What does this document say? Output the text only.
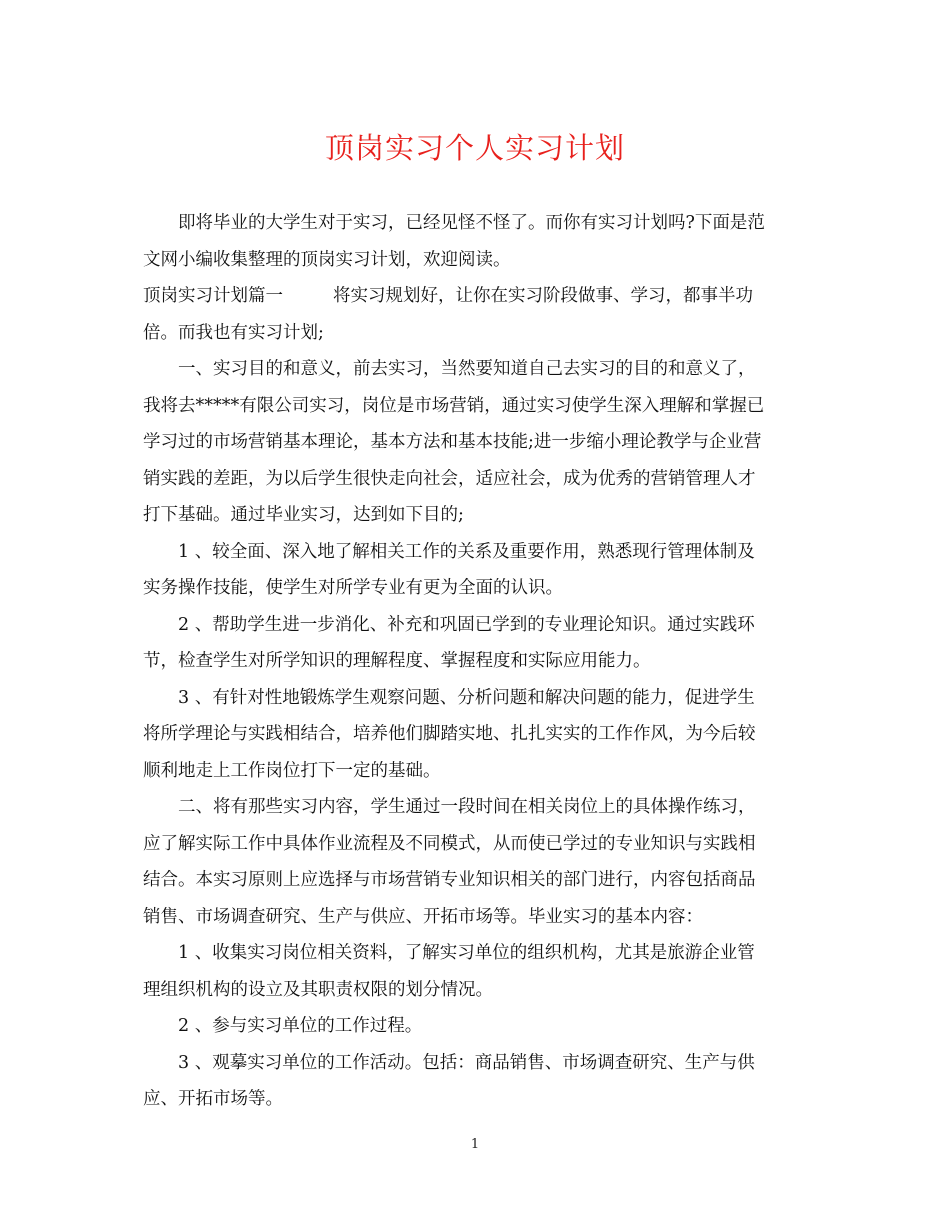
顶岗实习个人实习计划
即将毕业的大学生对于实习，已经见怪不怪了。而你有实习计划吗?下面是范
文网小编收集整理的顶岗实习计划，欢迎阅读。
顶岗实习计划篇一	将实习规划好，让你在实习阶段做事、学习，都事半功
倍。而我也有实习计划;
一、实习目的和意义，前去实习，当然要知道自己去实习的目的和意义了，
我将去*****有限公司实习，岗位是市场营销，通过实习使学生深入理解和掌握已
学习过的市场营销基本理论，基本方法和基本技能;进一步缩小理论教学与企业营
销实践的差距，为以后学生很快走向社会，适应社会，成为优秀的营销管理人才
打下基础。通过毕业实习，达到如下目的;
1 、较全面、深入地了解相关工作的关系及重要作用，熟悉现行管理体制及
实务操作技能，使学生对所学专业有更为全面的认识。
2 、帮助学生进一步消化、补充和巩固已学到的专业理论知识。通过实践环
节，检查学生对所学知识的理解程度、掌握程度和实际应用能力。
3 、有针对性地锻炼学生观察问题、分析问题和解决问题的能力，促进学生
将所学理论与实践相结合，培养他们脚踏实地、扎扎实实的工作作风，为今后较
顺利地走上工作岗位打下一定的基础。
二、将有那些实习内容，学生通过一段时间在相关岗位上的具体操作练习，
应了解实际工作中具体作业流程及不同模式，从而使已学过的专业知识与实践相
结合。本实习原则上应选择与市场营销专业知识相关的部门进行，内容包括商品
销售、市场调查研究、生产与供应、开拓市场等。毕业实习的基本内容：
1 、收集实习岗位相关资料，了解实习单位的组织机构，尤其是旅游企业管
理组织机构的设立及其职责权限的划分情况。
2 、参与实习单位的工作过程。
3 、观摹实习单位的工作活动。包括：商品销售、市场调查研究、生产与供
应、开拓市场等。
1
